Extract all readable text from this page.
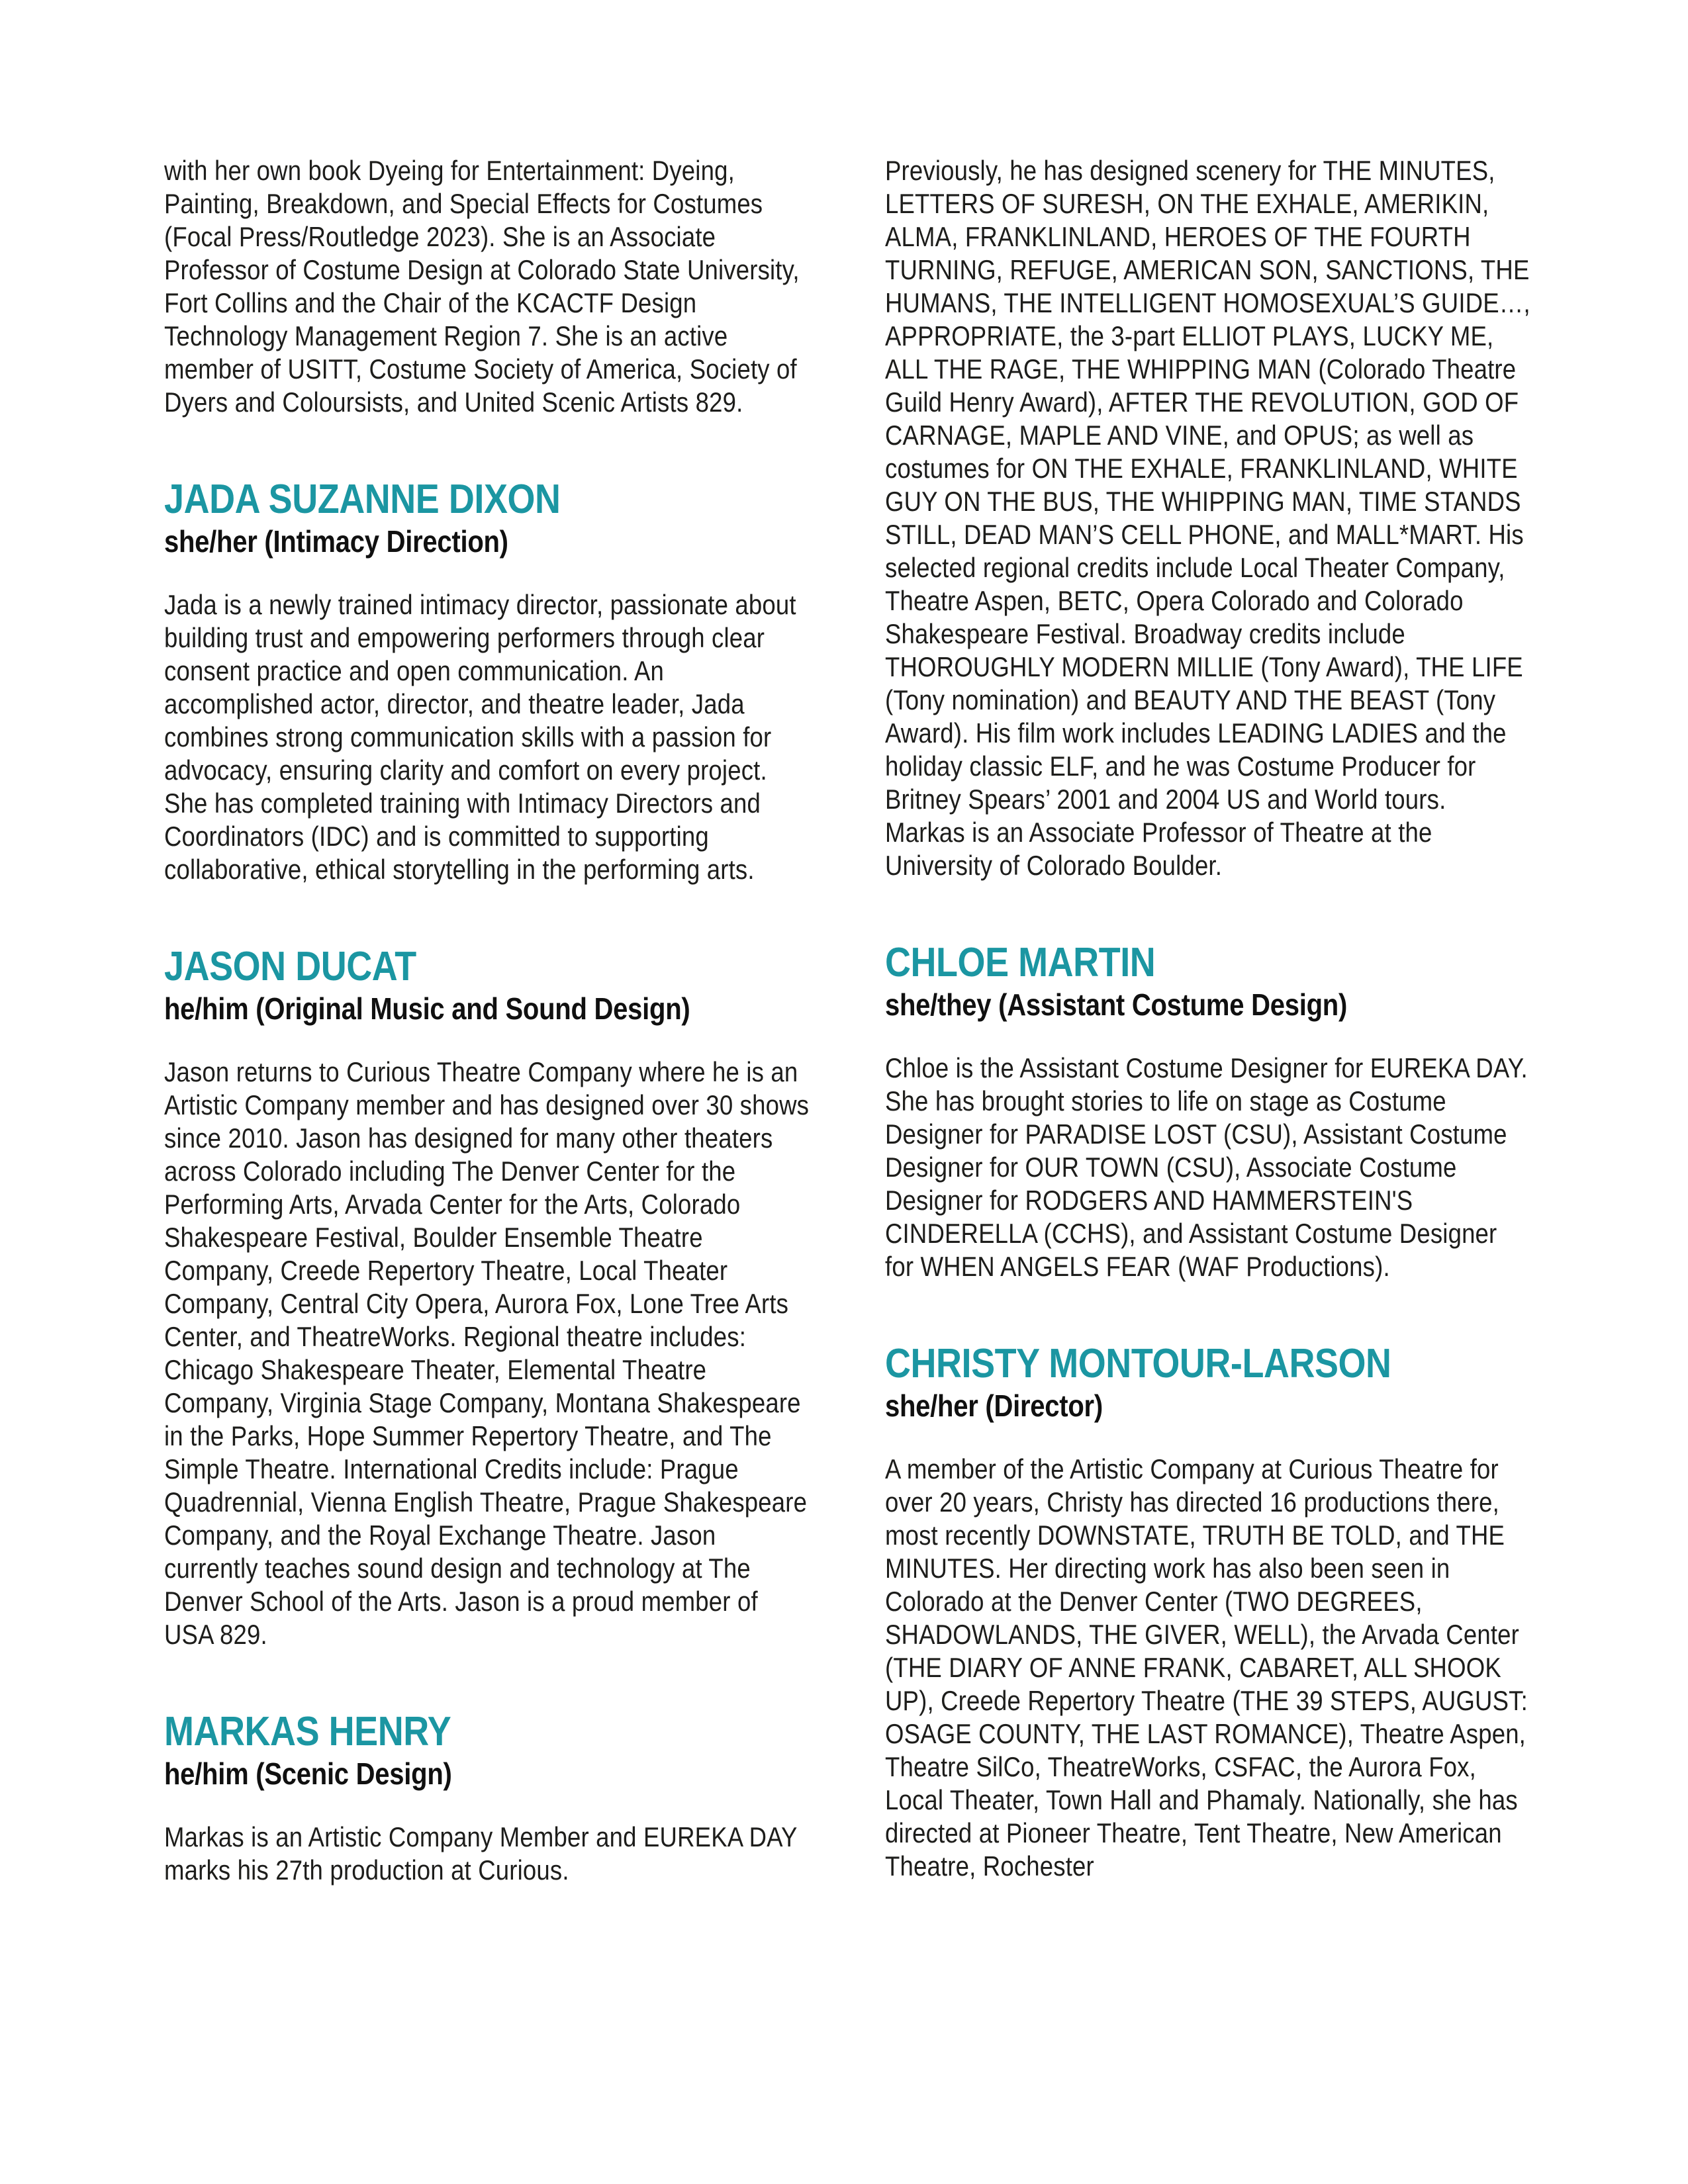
with her own book Dyeing for Entertainment: Dyeing, Painting, Breakdown, and Special Effects for Costumes (Focal Press/Routledge 2023). She is an Associate Professor of Costume Design at Colorado State University, Fort Collins and the Chair of the KCACTF Design Technology Management Region 7. She is an active member of USITT, Costume Society of America, Society of Dyers and Coloursists, and United Scenic Artists 829.

JADA SUZANNE DIXON
she/her (Intimacy Direction)

Jada is a newly trained intimacy director, passionate about building trust and empowering performers through clear consent practice and open communication. An accomplished actor, director, and theatre leader, Jada combines strong communication skills with a passion for advocacy, ensuring clarity and comfort on every project. She has completed training with Intimacy Directors and Coordinators (IDC) and is committed to supporting collaborative, ethical storytelling in the performing arts.

JASON DUCAT
he/him (Original Music and Sound Design)

Jason returns to Curious Theatre Company where he is an Artistic Company member and has designed over 30 shows since 2010. Jason has designed for many other theaters across Colorado including The Denver Center for the Performing Arts, Arvada Center for the Arts, Colorado Shakespeare Festival, Boulder Ensemble Theatre Company, Creede Repertory Theatre, Local Theater Company, Central City Opera, Aurora Fox, Lone Tree Arts Center, and TheatreWorks. Regional theatre includes: Chicago Shakespeare Theater, Elemental Theatre Company, Virginia Stage Company, Montana Shakespeare in the Parks, Hope Summer Repertory Theatre, and The Simple Theatre. International Credits include: Prague Quadrennial, Vienna English Theatre, Prague Shakespeare Company, and the Royal Exchange Theatre. Jason currently teaches sound design and technology at The Denver School of the Arts. Jason is a proud member of USA 829.

MARKAS HENRY
he/him (Scenic Design)

Markas is an Artistic Company Member and EUREKA DAY marks his 27th production at Curious.

Previously, he has designed scenery for THE MINUTES, LETTERS OF SURESH, ON THE EXHALE, AMERIKIN, ALMA, FRANKLINLAND, HEROES OF THE FOURTH TURNING, REFUGE, AMERICAN SON, SANCTIONS, THE HUMANS, THE INTELLIGENT HOMOSEXUAL’S GUIDE…, APPROPRIATE, the 3-part ELLIOT PLAYS, LUCKY ME, ALL THE RAGE, THE WHIPPING MAN (Colorado Theatre Guild Henry Award), AFTER THE REVOLUTION, GOD OF CARNAGE, MAPLE AND VINE, and OPUS; as well as costumes for ON THE EXHALE, FRANKLINLAND, WHITE GUY ON THE BUS, THE WHIPPING MAN, TIME STANDS STILL, DEAD MAN’S CELL PHONE, and MALL*MART. His selected regional credits include Local Theater Company, Theatre Aspen, BETC, Opera Colorado and Colorado Shakespeare Festival. Broadway credits include THOROUGHLY MODERN MILLIE (Tony Award), THE LIFE (Tony nomination) and BEAUTY AND THE BEAST (Tony Award). His film work includes LEADING LADIES and the holiday classic ELF, and he was Costume Producer for Britney Spears’ 2001 and 2004 US and World tours. Markas is an Associate Professor of Theatre at the University of Colorado Boulder.

CHLOE MARTIN
she/they (Assistant Costume Design)

Chloe is the Assistant Costume Designer for EUREKA DAY. She has brought stories to life on stage as Costume Designer for PARADISE LOST (CSU), Assistant Costume Designer for OUR TOWN (CSU), Associate Costume Designer for RODGERS AND HAMMERSTEIN'S CINDERELLA (CCHS), and Assistant Costume Designer for WHEN ANGELS FEAR (WAF Productions).

CHRISTY MONTOUR-LARSON
she/her (Director)

A member of the Artistic Company at Curious Theatre for over 20 years, Christy has directed 16 productions there, most recently DOWNSTATE, TRUTH BE TOLD, and THE MINUTES. Her directing work has also been seen in Colorado at the Denver Center (TWO DEGREES, SHADOWLANDS, THE GIVER, WELL), the Arvada Center (THE DIARY OF ANNE FRANK, CABARET, ALL SHOOK UP), Creede Repertory Theatre (THE 39 STEPS, AUGUST: OSAGE COUNTY, THE LAST ROMANCE), Theatre Aspen, Theatre SilCo, TheatreWorks, CSFAC, the Aurora Fox, Local Theater, Town Hall and Phamaly. Nationally, she has directed at Pioneer Theatre, Tent Theatre, New American Theatre, Rochester
